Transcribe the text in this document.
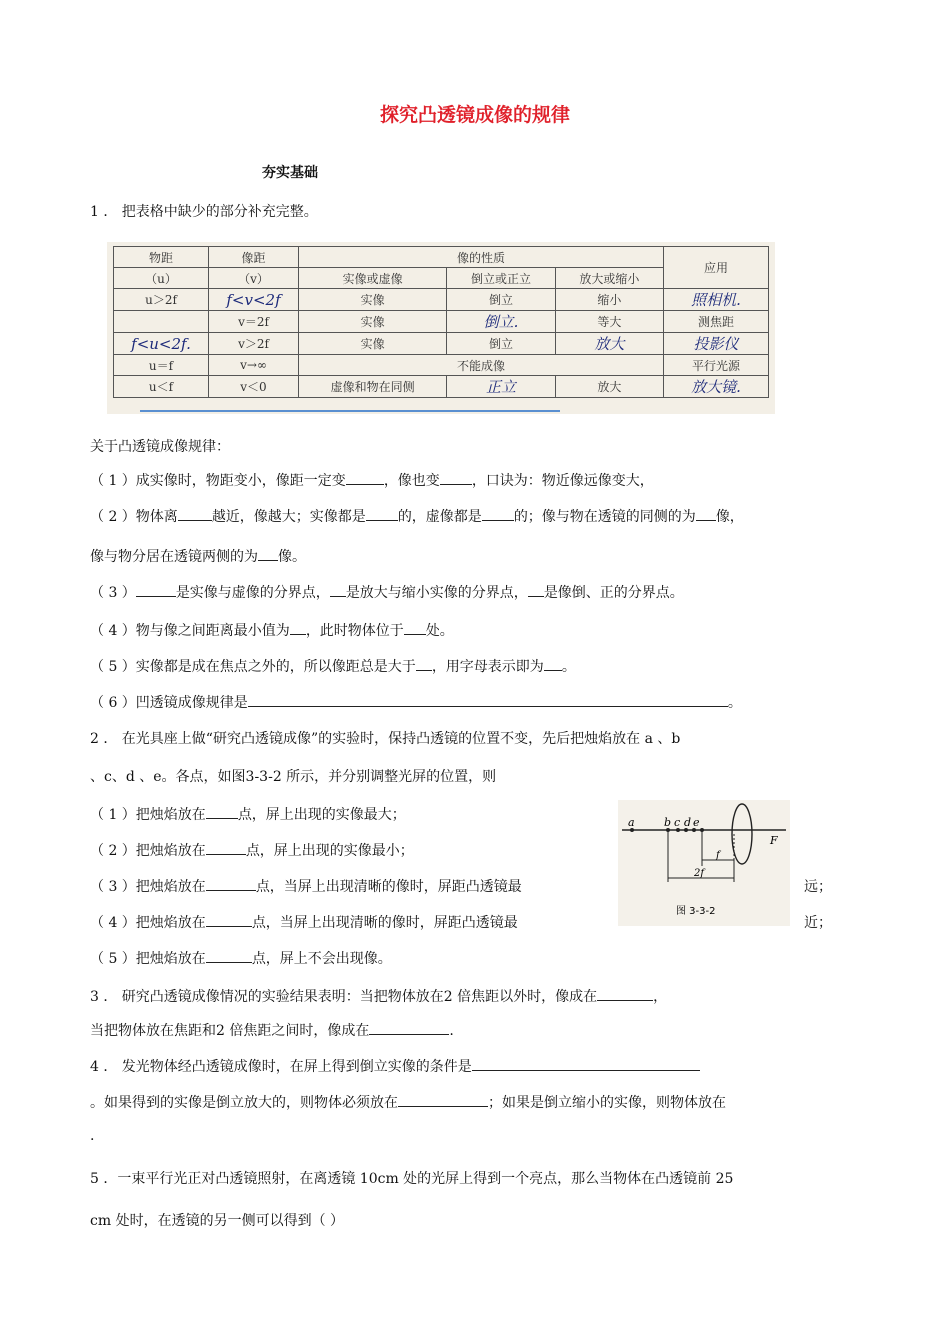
探究凸透镜成像的规律
夯实基础
1 ． 把表格中缺少的部分补充完整。
物距	像距	像的性质			应用
（u）	（v）	实像或虚像	倒立或正立	放大或缩小	
u＞2f	f<v<2f	实像	倒立	缩小	照相机.
	v＝2f	实像	倒立.	等大	测焦距
f<u<2f.	v＞2f	实像	倒立	放大	投影仪
u＝f	v→∞	不能成像			平行光源
u＜f	v＜0	虚像和物在同侧	正立	放大	放大镜.
关于凸透镜成像规律：
（ 1 ）成实像时，物距变小，像距一定变	，像也变 ，口诀为：物近像远像变大，
（ 2 ）物体离 越近，像越大；实像都是 的，虚像都是 的；像与物在透镜的同侧的为 像，
像与物分居在透镜两侧的为 像。
（ 3 ）	是实像与虚像的分界点， 是放大与缩小实像的分界点， 是像倒、正的分界点。
（ 4 ）物与像之间距离最小值为 ，此时物体位于 处。
（ 5 ）实像都是成在焦点之外的，所以像距总是大于 ，用字母表示即为 。
（ 6 ）凹透镜成像规律是	。
2 ． 在光具座上做“研究凸透镜成像”的实验时，保持凸透镜的位置不变，先后把烛焰放在 a 、b
、c、d 、e。各点，如图3-3-2 所示，并分别调整光屏的位置，则
（ 1 ）把烛焰放在 点，屏上出现的实像最大；
（ 2 ）把烛焰放在	点，屏上出现的实像最小；
（ 3 ）把烛焰放在	点，当屏上出现清晰的像时，屏距凸透镜最	远；
（ 4 ）把烛焰放在	点，当屏上出现清晰的像时，屏距凸透镜最	近；
（ 5 ）把烛焰放在	点，屏上不会出现像。
a	b c d e
F
f
2f
图 3-3-2
3 ． 研究凸透镜成像情况的实验结果表明：当把物体放在2 倍焦距以外时，像成在	，
当把物体放在焦距和2 倍焦距之间时，像成在	.
4 ． 发光物体经凸透镜成像时，在屏上得到倒立实像的条件是
。如果得到的实像是倒立放大的，则物体必须放在	；如果是倒立缩小的实像，则物体放在
.
5 ．一束平行光正对凸透镜照射，在离透镜 10cm 处的光屏上得到一个亮点，那么当物体在凸透镜前 25
cm 处时，在透镜的另一侧可以得到（ ）
